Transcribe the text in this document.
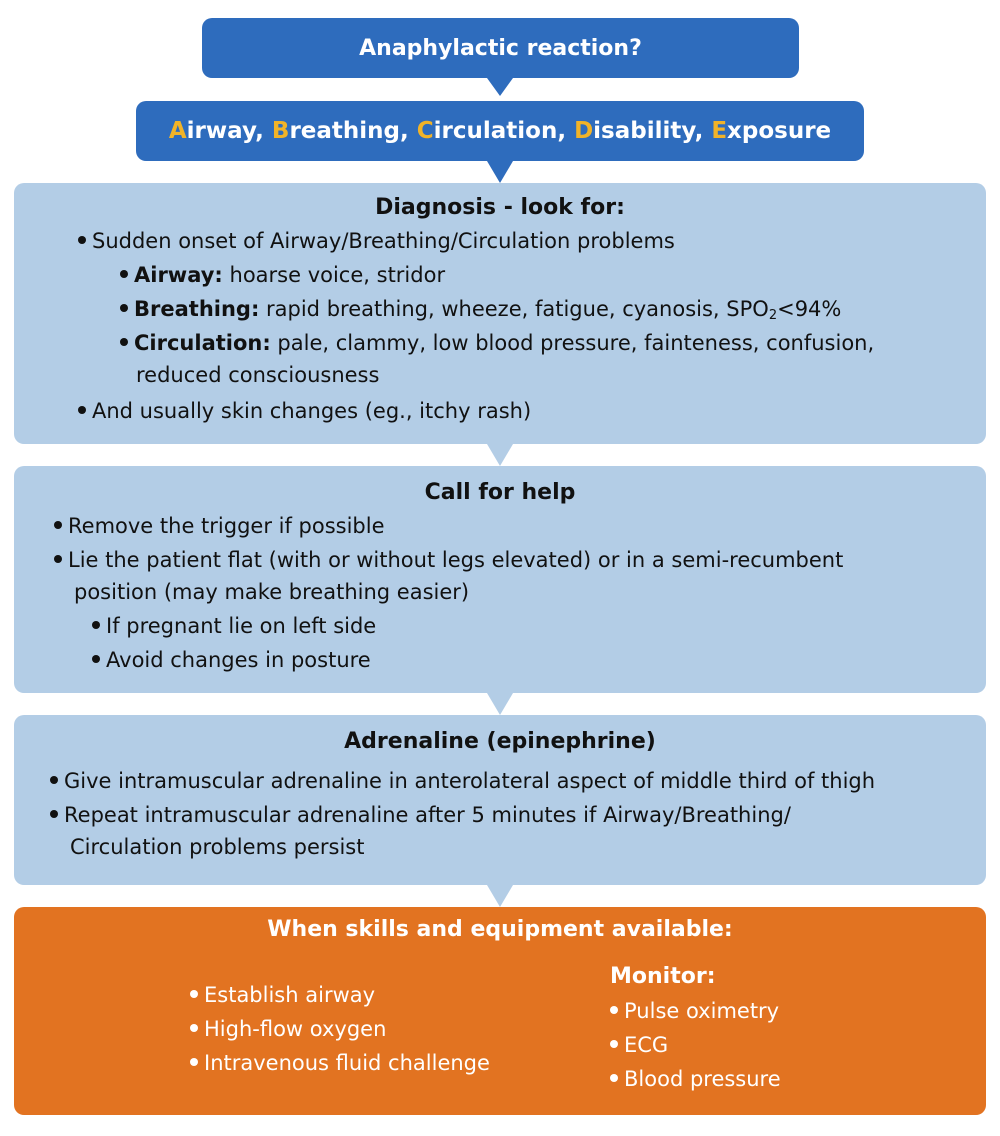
Anaphylactic reaction?
Airway, Breathing, Circulation, Disability, Exposure
Diagnosis - look for:
Sudden onset of Airway/Breathing/Circulation problems
Airway: hoarse voice, stridor
Breathing: rapid breathing, wheeze, fatigue, cyanosis, $SPO_2<94\%$
Circulation: pale, clammy, low blood pressure, fainteness, confusion,
reduced consciousness
And usually skin changes (eg., itchy rash)
Call for help
Remove the trigger if possible
Lie the patient flat (with or without legs elevated) or in a semi-recumbent
position (may make breathing easier)
If pregnant lie on left side
Avoid changes in posture
Adrenaline (epinephrine)
Give intramuscular adrenaline in anterolateral aspect of middle third of thigh
Repeat intramuscular adrenaline after 5 minutes if Airway/Breathing/
Circulation problems persist
When skills and equipment available:
Establish airway
High-flow oxygen
Intravenous fluid challenge
Monitor:
Pulse oximetry
ECG
Blood pressure
